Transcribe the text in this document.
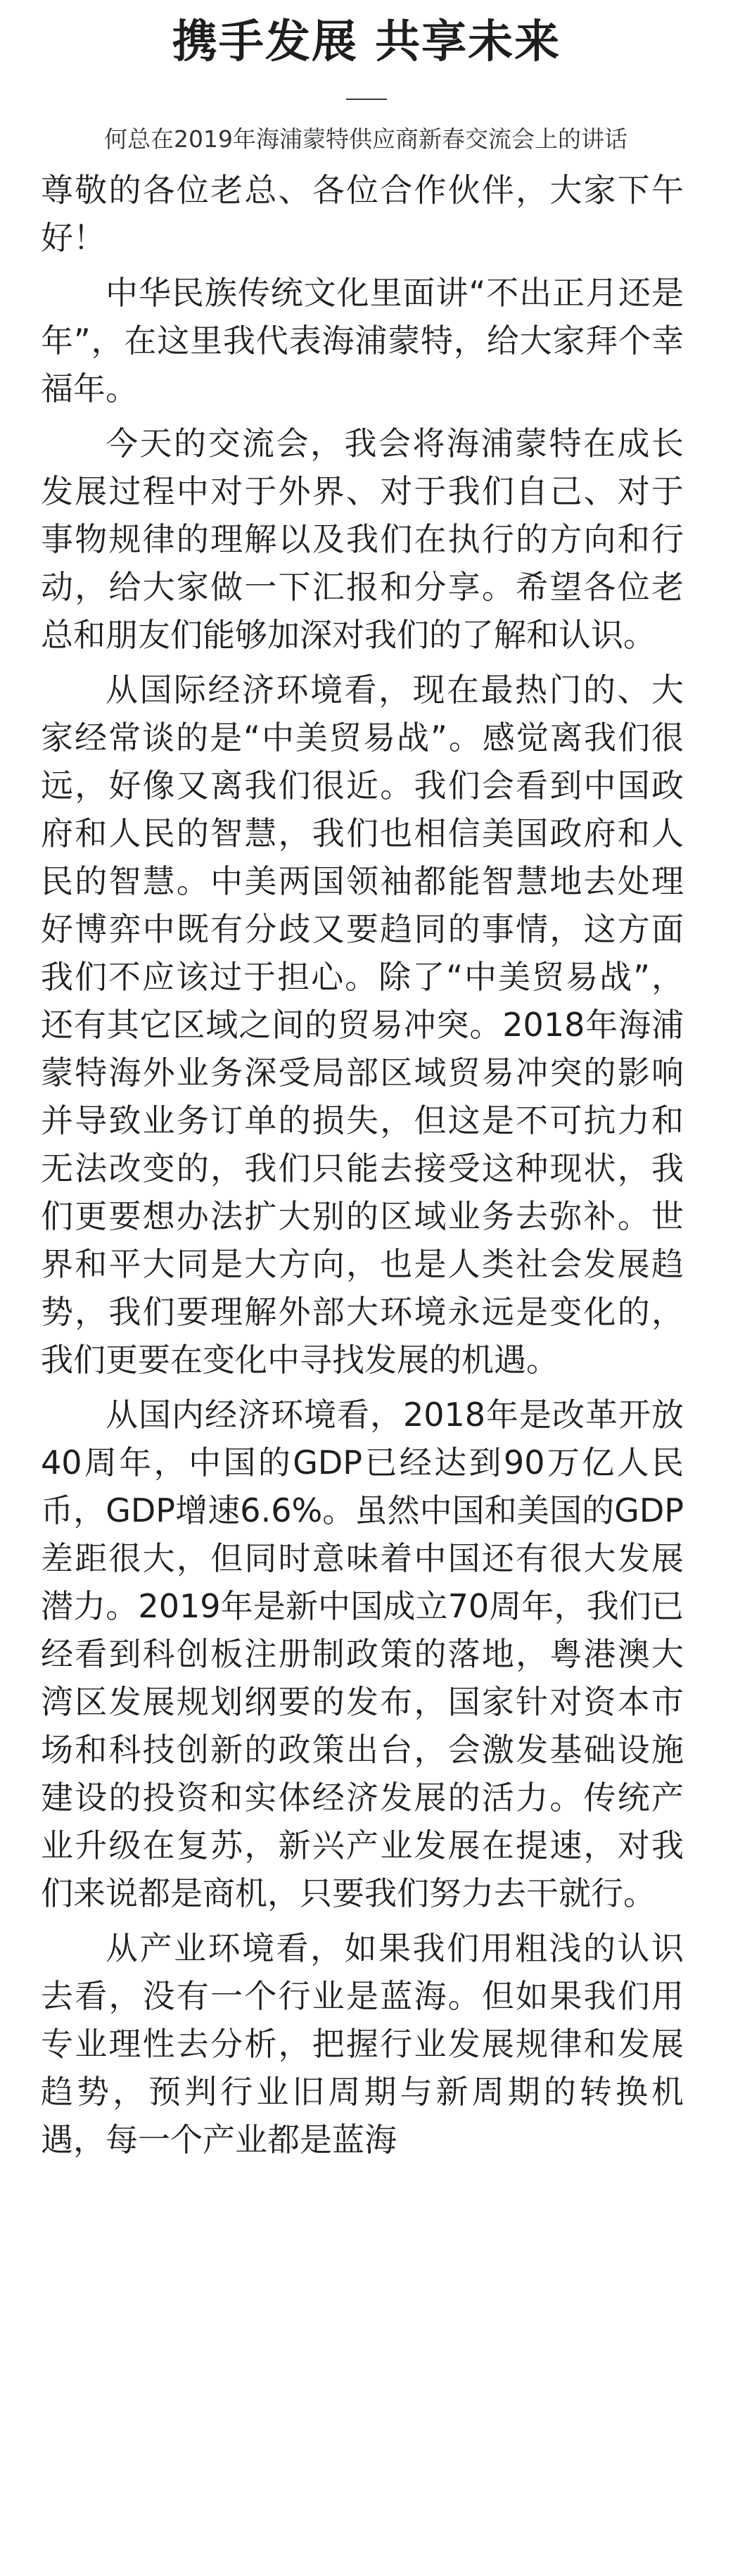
携手发展 共享未来

何总在2019年海浦蒙特供应商新春交流会上的讲话

尊敬的各位老总、各位合作伙伴，大家下午好！

中华民族传统文化里面讲“不出正月还是年”，在这里我代表海浦蒙特，给大家拜个幸福年。

今天的交流会，我会将海浦蒙特在成长发展过程中对于外界、对于我们自己、对于事物规律的理解以及我们在执行的方向和行动，给大家做一下汇报和分享。希望各位老总和朋友们能够加深对我们的了解和认识。

从国际经济环境看，现在最热门的、大家经常谈的是“中美贸易战”。感觉离我们很远，好像又离我们很近。我们会看到中国政府和人民的智慧，我们也相信美国政府和人民的智慧。中美两国领袖都能智慧地去处理好博弈中既有分歧又要趋同的事情，这方面我们不应该过于担心。除了“中美贸易战”，还有其它区域之间的贸易冲突。2018年海浦蒙特海外业务深受局部区域贸易冲突的影响并导致业务订单的损失，但这是不可抗力和无法改变的，我们只能去接受这种现状，我们更要想办法扩大别的区域业务去弥补。世界和平大同是大方向，也是人类社会发展趋势，我们要理解外部大环境永远是变化的，我们更要在变化中寻找发展的机遇。

从国内经济环境看，2018年是改革开放40周年，中国的GDP已经达到90万亿人民币，GDP增速6.6%。虽然中国和美国的GDP差距很大，但同时意味着中国还有很大发展潜力。2019年是新中国成立70周年，我们已经看到科创板注册制政策的落地，粤港澳大湾区发展规划纲要的发布，国家针对资本市场和科技创新的政策出台，会激发基础设施建设的投资和实体经济发展的活力。传统产业升级在复苏，新兴产业发展在提速，对我们来说都是商机，只要我们努力去干就行。

从产业环境看，如果我们用粗浅的认识去看，没有一个行业是蓝海。但如果我们用专业理性去分析，把握行业发展规律和发展趋势，预判行业旧周期与新周期的转换机遇，每一个产业都是蓝海
